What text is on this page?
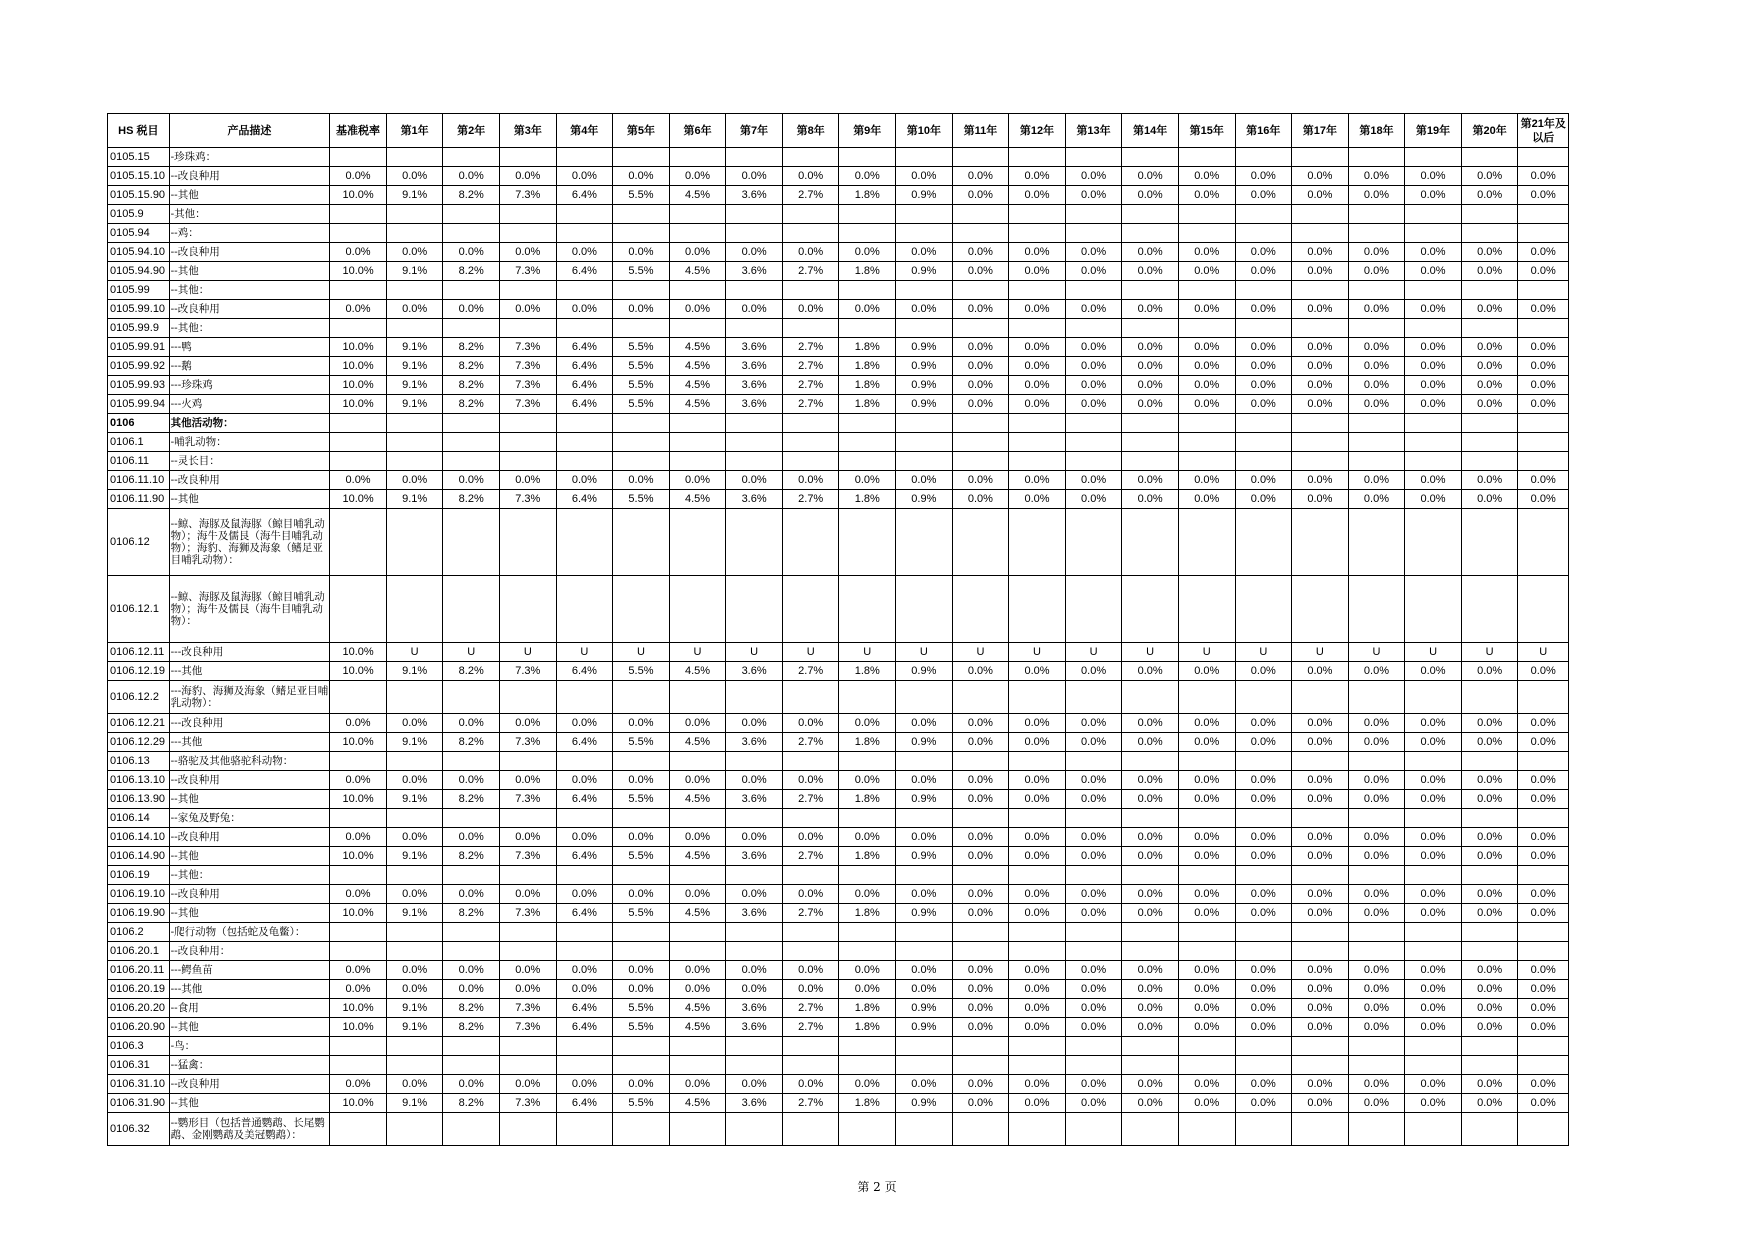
HS 税目	产品描述	基准税率	第1年	第2年	第3年	第4年	第5年	第6年	第7年	第8年	第9年	第10年	第11年	第12年	第13年	第14年	第15年	第16年	第17年	第18年	第19年	第20年	第21年及以后
0105.15	-珍珠鸡：																						
0105.15.10	--改良种用	0.0%	0.0%	0.0%	0.0%	0.0%	0.0%	0.0%	0.0%	0.0%	0.0%	0.0%	0.0%	0.0%	0.0%	0.0%	0.0%	0.0%	0.0%	0.0%	0.0%	0.0%	0.0%
0105.15.90	--其他	10.0%	9.1%	8.2%	7.3%	6.4%	5.5%	4.5%	3.6%	2.7%	1.8%	0.9%	0.0%	0.0%	0.0%	0.0%	0.0%	0.0%	0.0%	0.0%	0.0%	0.0%	0.0%
0105.9	-其他：																						
0105.94	--鸡：																						
0105.94.10	--改良种用	0.0%	0.0%	0.0%	0.0%	0.0%	0.0%	0.0%	0.0%	0.0%	0.0%	0.0%	0.0%	0.0%	0.0%	0.0%	0.0%	0.0%	0.0%	0.0%	0.0%	0.0%	0.0%
0105.94.90	--其他	10.0%	9.1%	8.2%	7.3%	6.4%	5.5%	4.5%	3.6%	2.7%	1.8%	0.9%	0.0%	0.0%	0.0%	0.0%	0.0%	0.0%	0.0%	0.0%	0.0%	0.0%	0.0%
0105.99	--其他：																						
0105.99.10	--改良种用	0.0%	0.0%	0.0%	0.0%	0.0%	0.0%	0.0%	0.0%	0.0%	0.0%	0.0%	0.0%	0.0%	0.0%	0.0%	0.0%	0.0%	0.0%	0.0%	0.0%	0.0%	0.0%
0105.99.9	--其他：																						
0105.99.91	---鸭	10.0%	9.1%	8.2%	7.3%	6.4%	5.5%	4.5%	3.6%	2.7%	1.8%	0.9%	0.0%	0.0%	0.0%	0.0%	0.0%	0.0%	0.0%	0.0%	0.0%	0.0%	0.0%
0105.99.92	---鹅	10.0%	9.1%	8.2%	7.3%	6.4%	5.5%	4.5%	3.6%	2.7%	1.8%	0.9%	0.0%	0.0%	0.0%	0.0%	0.0%	0.0%	0.0%	0.0%	0.0%	0.0%	0.0%
0105.99.93	---珍珠鸡	10.0%	9.1%	8.2%	7.3%	6.4%	5.5%	4.5%	3.6%	2.7%	1.8%	0.9%	0.0%	0.0%	0.0%	0.0%	0.0%	0.0%	0.0%	0.0%	0.0%	0.0%	0.0%
0105.99.94	---火鸡	10.0%	9.1%	8.2%	7.3%	6.4%	5.5%	4.5%	3.6%	2.7%	1.8%	0.9%	0.0%	0.0%	0.0%	0.0%	0.0%	0.0%	0.0%	0.0%	0.0%	0.0%	0.0%
0106	其他活动物：																						
0106.1	-哺乳动物：																						
0106.11	--灵长目：																						
0106.11.10	--改良种用	0.0%	0.0%	0.0%	0.0%	0.0%	0.0%	0.0%	0.0%	0.0%	0.0%	0.0%	0.0%	0.0%	0.0%	0.0%	0.0%	0.0%	0.0%	0.0%	0.0%	0.0%	0.0%
0106.11.90	--其他	10.0%	9.1%	8.2%	7.3%	6.4%	5.5%	4.5%	3.6%	2.7%	1.8%	0.9%	0.0%	0.0%	0.0%	0.0%	0.0%	0.0%	0.0%	0.0%	0.0%	0.0%	0.0%
0106.12	--鲸、海豚及鼠海豚（鲸目哺乳动物）；海牛及儒艮（海牛目哺乳动物）；海豹、海狮及海象（鳍足亚目哺乳动物）：																						
0106.12.1	--鲸、海豚及鼠海豚（鲸目哺乳动物）；海牛及儒艮（海牛目哺乳动物）：																						
0106.12.11	---改良种用	10.0%	U	U	U	U	U	U	U	U	U	U	U	U	U	U	U	U	U	U	U	U	U
0106.12.19	---其他	10.0%	9.1%	8.2%	7.3%	6.4%	5.5%	4.5%	3.6%	2.7%	1.8%	0.9%	0.0%	0.0%	0.0%	0.0%	0.0%	0.0%	0.0%	0.0%	0.0%	0.0%	0.0%
0106.12.2	---海豹、海狮及海象（鳍足亚目哺乳动物）：																						
0106.12.21	---改良种用	0.0%	0.0%	0.0%	0.0%	0.0%	0.0%	0.0%	0.0%	0.0%	0.0%	0.0%	0.0%	0.0%	0.0%	0.0%	0.0%	0.0%	0.0%	0.0%	0.0%	0.0%	0.0%
0106.12.29	---其他	10.0%	9.1%	8.2%	7.3%	6.4%	5.5%	4.5%	3.6%	2.7%	1.8%	0.9%	0.0%	0.0%	0.0%	0.0%	0.0%	0.0%	0.0%	0.0%	0.0%	0.0%	0.0%
0106.13	--骆驼及其他骆驼科动物：																						
0106.13.10	--改良种用	0.0%	0.0%	0.0%	0.0%	0.0%	0.0%	0.0%	0.0%	0.0%	0.0%	0.0%	0.0%	0.0%	0.0%	0.0%	0.0%	0.0%	0.0%	0.0%	0.0%	0.0%	0.0%
0106.13.90	--其他	10.0%	9.1%	8.2%	7.3%	6.4%	5.5%	4.5%	3.6%	2.7%	1.8%	0.9%	0.0%	0.0%	0.0%	0.0%	0.0%	0.0%	0.0%	0.0%	0.0%	0.0%	0.0%
0106.14	--家兔及野兔：																						
0106.14.10	--改良种用	0.0%	0.0%	0.0%	0.0%	0.0%	0.0%	0.0%	0.0%	0.0%	0.0%	0.0%	0.0%	0.0%	0.0%	0.0%	0.0%	0.0%	0.0%	0.0%	0.0%	0.0%	0.0%
0106.14.90	--其他	10.0%	9.1%	8.2%	7.3%	6.4%	5.5%	4.5%	3.6%	2.7%	1.8%	0.9%	0.0%	0.0%	0.0%	0.0%	0.0%	0.0%	0.0%	0.0%	0.0%	0.0%	0.0%
0106.19	--其他：																						
0106.19.10	--改良种用	0.0%	0.0%	0.0%	0.0%	0.0%	0.0%	0.0%	0.0%	0.0%	0.0%	0.0%	0.0%	0.0%	0.0%	0.0%	0.0%	0.0%	0.0%	0.0%	0.0%	0.0%	0.0%
0106.19.90	--其他	10.0%	9.1%	8.2%	7.3%	6.4%	5.5%	4.5%	3.6%	2.7%	1.8%	0.9%	0.0%	0.0%	0.0%	0.0%	0.0%	0.0%	0.0%	0.0%	0.0%	0.0%	0.0%
0106.2	-爬行动物（包括蛇及龟鳖）：																						
0106.20.1	--改良种用：																						
0106.20.11	---鳄鱼苗	0.0%	0.0%	0.0%	0.0%	0.0%	0.0%	0.0%	0.0%	0.0%	0.0%	0.0%	0.0%	0.0%	0.0%	0.0%	0.0%	0.0%	0.0%	0.0%	0.0%	0.0%	0.0%
0106.20.19	---其他	0.0%	0.0%	0.0%	0.0%	0.0%	0.0%	0.0%	0.0%	0.0%	0.0%	0.0%	0.0%	0.0%	0.0%	0.0%	0.0%	0.0%	0.0%	0.0%	0.0%	0.0%	0.0%
0106.20.20	--食用	10.0%	9.1%	8.2%	7.3%	6.4%	5.5%	4.5%	3.6%	2.7%	1.8%	0.9%	0.0%	0.0%	0.0%	0.0%	0.0%	0.0%	0.0%	0.0%	0.0%	0.0%	0.0%
0106.20.90	--其他	10.0%	9.1%	8.2%	7.3%	6.4%	5.5%	4.5%	3.6%	2.7%	1.8%	0.9%	0.0%	0.0%	0.0%	0.0%	0.0%	0.0%	0.0%	0.0%	0.0%	0.0%	0.0%
0106.3	-鸟：																						
0106.31	--猛禽：																						
0106.31.10	--改良种用	0.0%	0.0%	0.0%	0.0%	0.0%	0.0%	0.0%	0.0%	0.0%	0.0%	0.0%	0.0%	0.0%	0.0%	0.0%	0.0%	0.0%	0.0%	0.0%	0.0%	0.0%	0.0%
0106.31.90	--其他	10.0%	9.1%	8.2%	7.3%	6.4%	5.5%	4.5%	3.6%	2.7%	1.8%	0.9%	0.0%	0.0%	0.0%	0.0%	0.0%	0.0%	0.0%	0.0%	0.0%	0.0%	0.0%
0106.32	--鹦形目（包括普通鹦鹉、长尾鹦鹉、金刚鹦鹉及美冠鹦鹉）：																						
第 2 页
